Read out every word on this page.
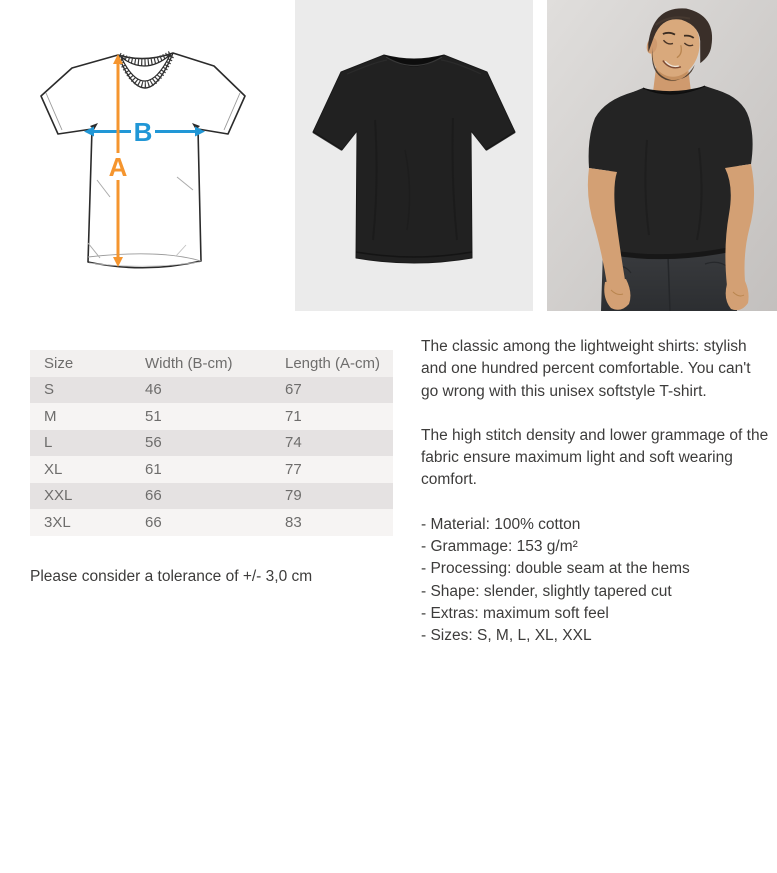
B
A
Size	Width (B-cm)	Length (A-cm)
S	46	67
M	51	71
L	56	74
XL	61	77
XXL	66	79
3XL	66	83

Please consider a tolerance of +/- 3,0 cm

The classic among the lightweight shirts: stylish and one hundred percent comfortable. You can't go wrong with this unisex softstyle T-shirt.

The high stitch density and lower grammage of the fabric ensure maximum light and soft wearing comfort.

- Material: 100% cotton
- Grammage: 153 g/m²
- Processing: double seam at the hems
- Shape: slender, slightly tapered cut
- Extras: maximum soft feel
- Sizes: S, M, L, XL, XXL
